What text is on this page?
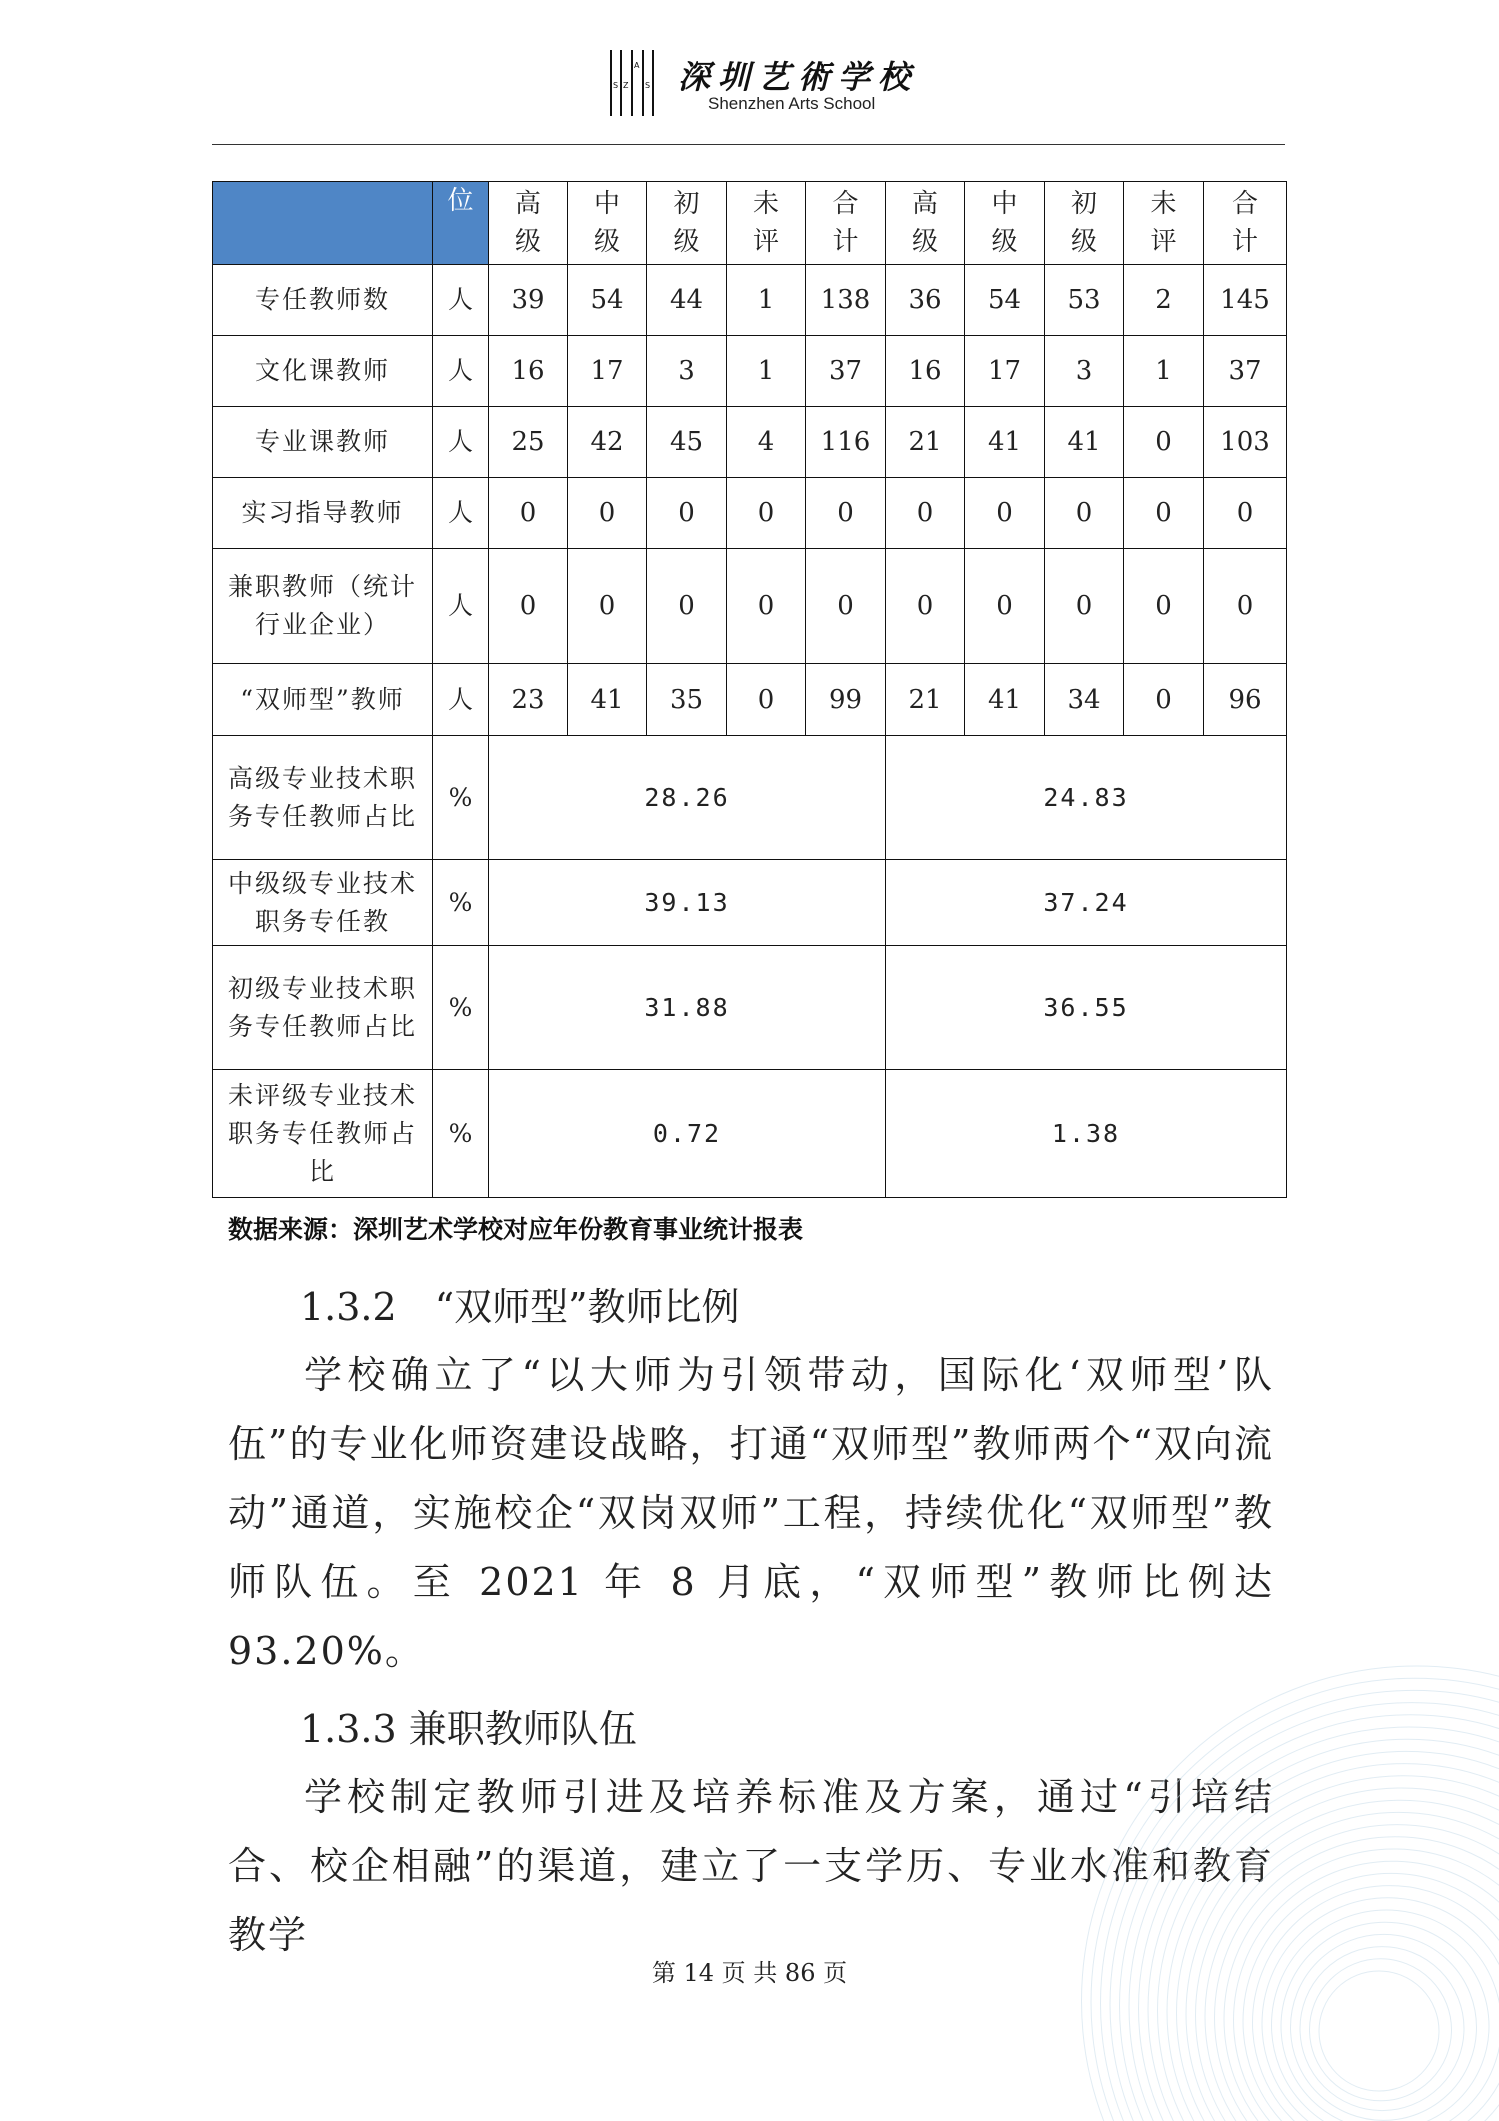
S Z
A
S 深圳艺術学校
Shenzhen Arts School
	位	高级	中级	初级	未评	合计	高级	中级	初级	未评	合计
专任教师数	人	39	54	44	1	138	36	54	53	2	145
文化课教师	人	16	17	3	1	37	16	17	3	1	37
专业课教师	人	25	42	45	4	116	21	41	41	0	103
实习指导教师	人	0	0	0	0	0	0	0	0	0	0
兼职教师（统计行业企业）	人	0	0	0	0	0	0	0	0	0	0
“双师型”教师	人	23	41	35	0	99	21	41	34	0	96
高级专业技术职务专任教师占比	%	28.26					24.83				
中级级专业技术职务专任教	%	39.13					37.24				
初级专业技术职务专任教师占比	%	31.88					36.55				
未评级专业技术职务专任教师占比	%	0.72					1.38				
数据来源：深圳艺术学校对应年份教育事业统计报表
1.3.2　“双师型”教师比例
学校确立了“以大师为引领带动，国际化‘双师型’队伍”的专业化师资建设战略，打通“双师型”教师两个“双向流动”通道，实施校企“双岗双师”工程，持续优化“双师型”教师队伍。至 2021 年 8 月底，“双师型”教师比例达 93.20%。
1.3.3 兼职教师队伍
学校制定教师引进及培养标准及方案，通过“引培结合、校企相融”的渠道，建立了一支学历、专业水准和教育教学
第 14 页 共 86 页
